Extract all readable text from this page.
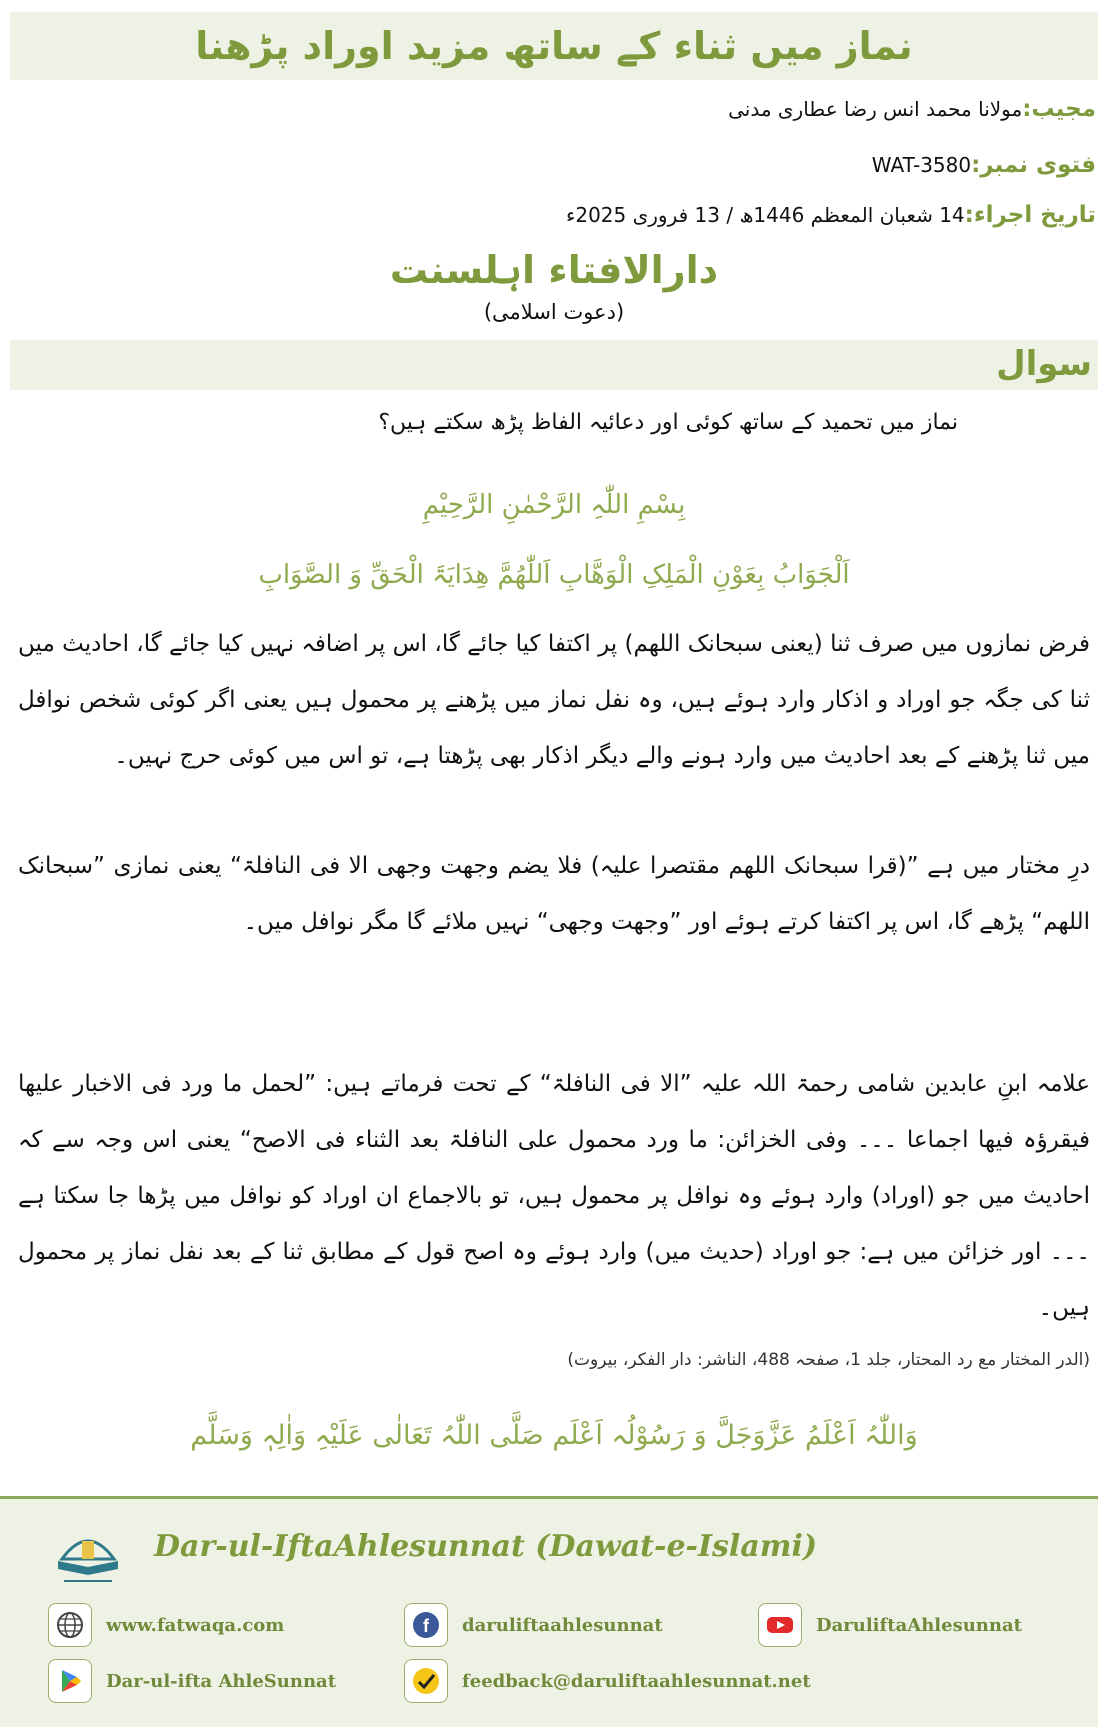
نماز میں ثناء کے ساتھ مزید اوراد پڑھنا
مجیب:مولانا محمد انس رضا عطاری مدنی
فتوی نمبر:WAT-3580
تاریخ اجراء:14 شعبان المعظم 1446ھ / 13 فروری 2025ء
دارالافتاء اہلسنت
(دعوت اسلامی)
سوال
نماز میں تحمید کے ساتھ کوئی اور دعائیہ الفاظ پڑھ سکتے ہیں؟
بِسْمِ اللّٰہِ الرَّحْمٰنِ الرَّحِیْمِ
اَلْجَوَابُ بِعَوْنِ الْمَلِکِ الْوَھَّابِ اَللّٰھُمَّ ھِدَایَۃَ الْحَقِّ وَ الصَّوَابِ
فرض نمازوں میں صرف ثنا (یعنی سبحانک اللھم) پر اکتفا کیا جائے گا، اس پر اضافہ نہیں کیا جائے گا، احادیث میں ثنا کی جگہ جو اوراد و اذکار وارد ہوئے ہیں، وہ نفل نماز میں پڑھنے پر محمول ہیں یعنی اگر کوئی شخص نوافل میں ثنا پڑھنے کے بعد احادیث میں وارد ہونے والے دیگر اذکار بھی پڑھتا ہے، تو اس میں کوئی حرج نہیں۔
درِ مختار میں ہے ”(قرا سبحانک اللھم مقتصرا علیہ) فلا یضم وجھت وجھی الا فی النافلۃ“ یعنی نمازی ”سبحانک اللھم“ پڑھے گا، اس پر اکتفا کرتے ہوئے اور ”وجھت وجھی“ نہیں ملائے گا مگر نوافل میں۔
علامہ ابنِ عابدین شامی رحمۃ اللہ علیہ ”الا فی النافلۃ“ کے تحت فرماتے ہیں: ”لحمل ما ورد فی الاخبار علیھا فیقرؤہ فیھا اجماعا ۔۔۔ وفی الخزائن: ما ورد محمول علی النافلۃ بعد الثناء فی الاصح“ یعنی اس وجہ سے کہ احادیث میں جو (اوراد) وارد ہوئے وہ نوافل پر محمول ہیں، تو بالاجماع ان اوراد کو نوافل میں پڑھا جا سکتا ہے ۔۔۔ اور خزائن میں ہے: جو اوراد (حدیث میں) وارد ہوئے وہ اصح قول کے مطابق ثنا کے بعد نفل نماز پر محمول ہیں۔
(الدر المختار مع رد المحتار، جلد 1، صفحہ 488، الناشر: دار الفکر، بیروت)
وَاللّٰہُ اَعْلَمُ عَزَّوَجَلَّ وَ رَسُوْلُہ اَعْلَم صَلَّی اللّٰہُ تَعَالٰی عَلَیْہِ وَاٰلِہٖ وَسَلَّم
Dar-ul-IftaAhlesunnat (Dawat-e-Islami)
www.fatwaqa.com	f daruliftaahlesunnat	DaruliftaAhlesunnat
Dar-ul-ifta AhleSunnat	feedback@daruliftaahlesunnat.net
